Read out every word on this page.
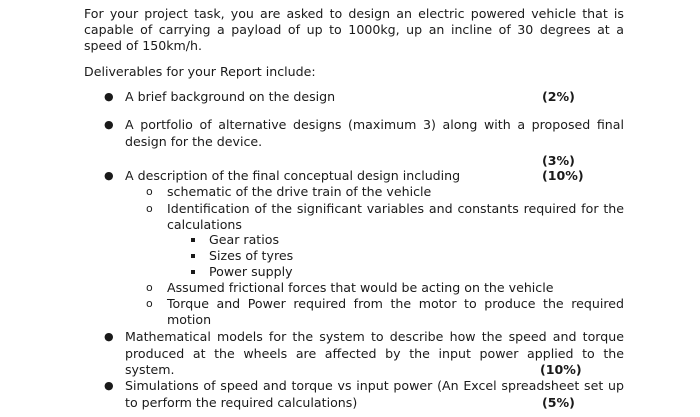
For your project task, you are asked to design an electric powered vehicle that is
capable of carrying a payload of up to 1000kg, up an incline of 30 degrees at a
speed of 150km/h.
Deliverables for your Report include:
● A brief background on the design	(2%)
● A portfolio of alternative designs (maximum 3) along with a proposed final
design for the device.
(3%)
● A description of the final conceptual design including	(10%)
o schematic of the drive train of the vehicle
o Identification of the significant variables and constants required for the
calculations
Gear ratios
Sizes of tyres
Power supply
o Assumed frictional forces that would be acting on the vehicle
o Torque and Power required from the motor to produce the required
motion
● Mathematical models for the system to describe how the speed and torque
produced at the wheels are affected by the input power applied to the
system.	(10%)
● Simulations of speed and torque vs input power (An Excel spreadsheet set up
to perform the required calculations)	(5%)
